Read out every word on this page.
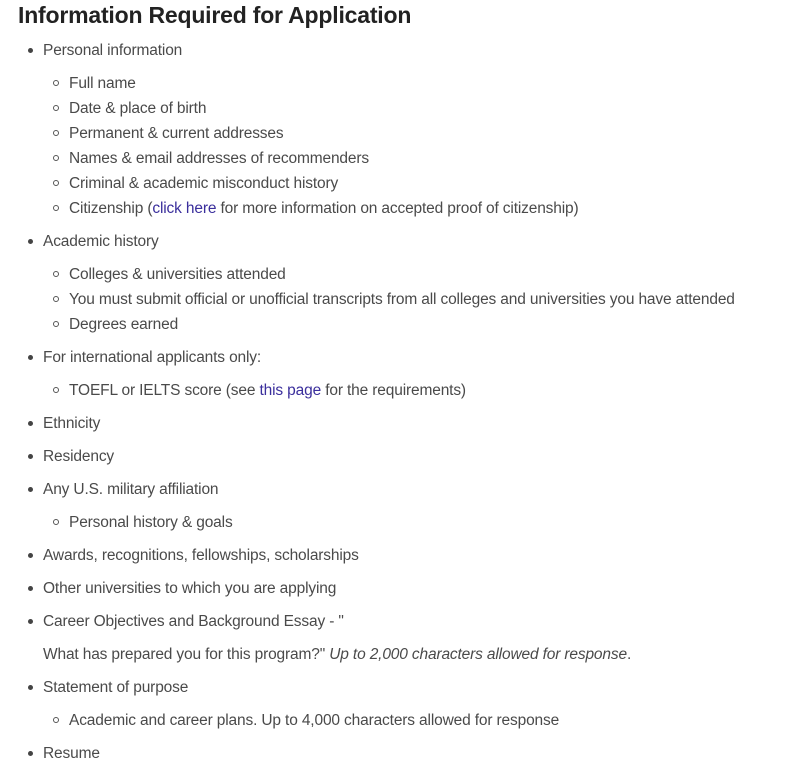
Information Required for Application
Personal information
Full name
Date & place of birth
Permanent & current addresses
Names & email addresses of recommenders
Criminal & academic misconduct history
Citizenship (click here for more information on accepted proof of citizenship)
Academic history
Colleges & universities attended
You must submit official or unofficial transcripts from all colleges and universities you have attended
Degrees earned
For international applicants only:
TOEFL or IELTS score (see this page for the requirements)
Ethnicity
Residency
Any U.S. military affiliation
Personal history & goals
Awards, recognitions, fellowships, scholarships
Other universities to which you are applying
Career Objectives and Background Essay - "
What has prepared you for this program?" Up to 2,000 characters allowed for response.
Statement of purpose
Academic and career plans. Up to 4,000 characters allowed for response
Resume
